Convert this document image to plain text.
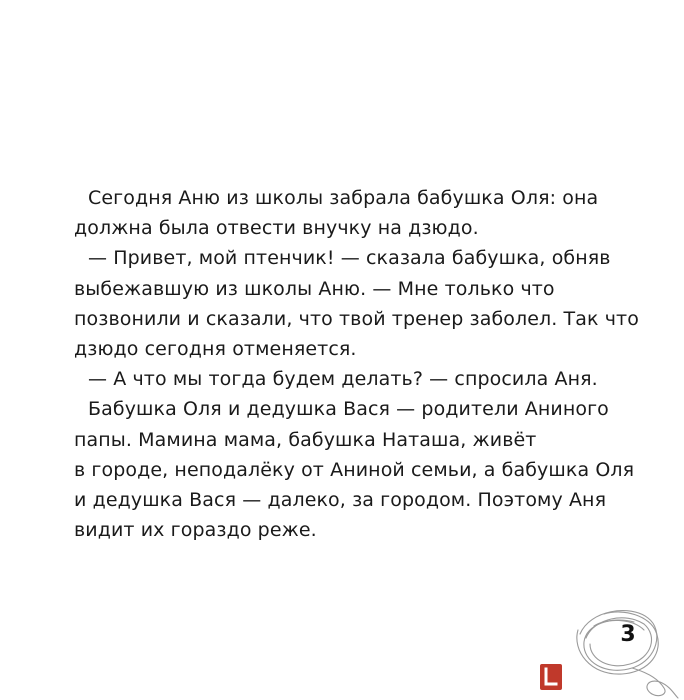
Сегодня Аню из школы забрала бабушка Оля: она
должна была отвести внучку на дзюдо.
— Привет, мой птенчик! — сказала бабушка, обняв
выбежавшую из школы Аню. — Мне только что
позвонили и сказали, что твой тренер заболел. Так что
дзюдо сегодня отменяется.
— А что мы тогда будем делать? — спросила Аня.
Бабушка Оля и дедушка Вася — родители Аниного
папы. Мамина мама, бабушка Наташа, живёт
в городе, неподалёку от Аниной семьи, а бабушка Оля
и дедушка Вася — далеко, за городом. Поэтому Аня
видит их гораздо реже.
3
